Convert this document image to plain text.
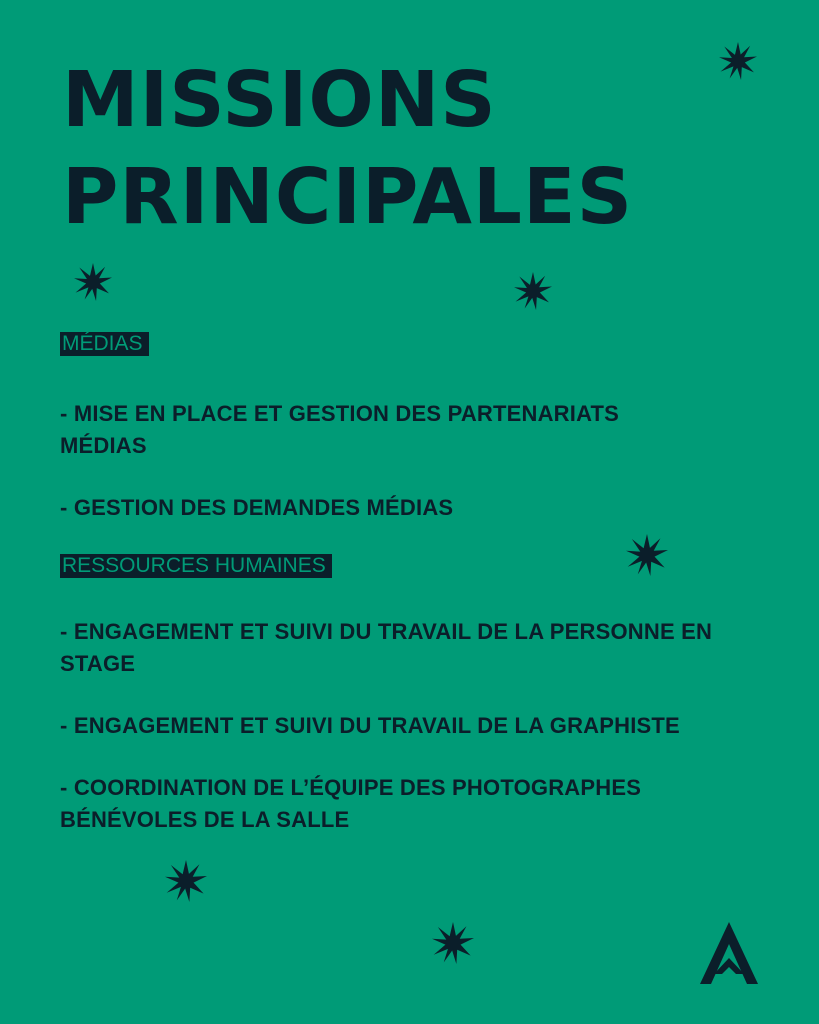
MISSIONS
PRINCIPALES

MÉDIAS

- MISE EN PLACE ET GESTION DES PARTENARIATS MÉDIAS

- GESTION DES DEMANDES MÉDIAS

RESSOURCES HUMAINES

- ENGAGEMENT ET SUIVI DU TRAVAIL DE LA PERSONNE EN STAGE

- ENGAGEMENT ET SUIVI DU TRAVAIL DE LA GRAPHISTE

- COORDINATION DE L’ÉQUIPE DES PHOTOGRAPHES BÉNÉVOLES DE LA SALLE
